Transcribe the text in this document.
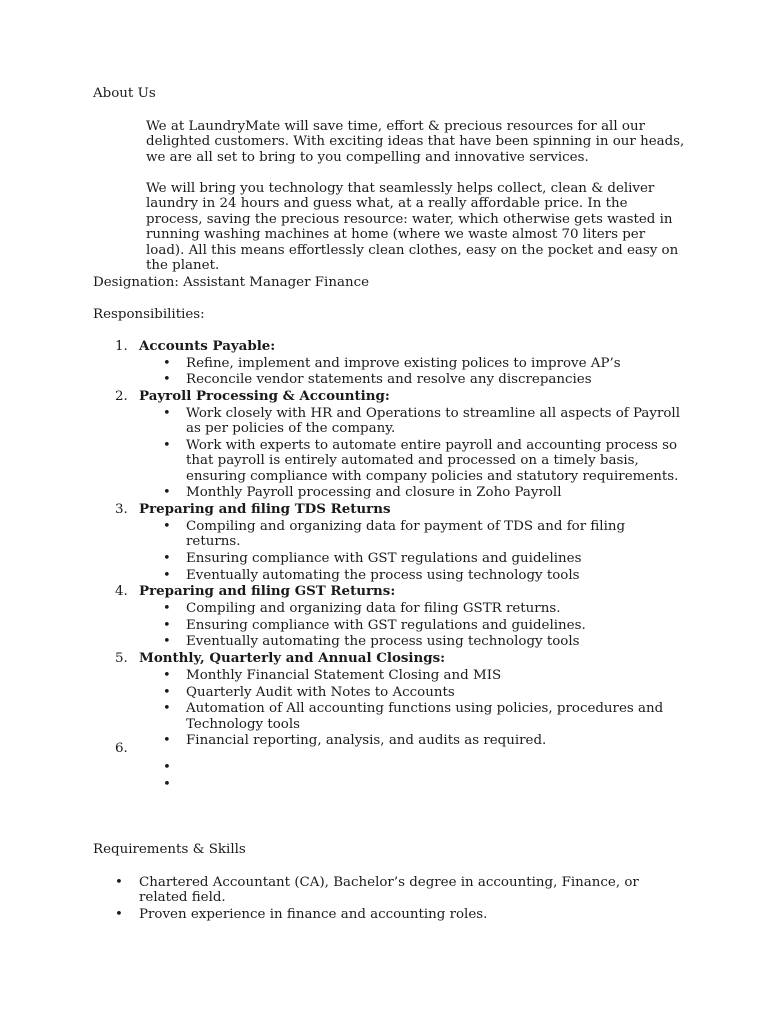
About Us

We at LaundryMate will save time, effort & precious resources for all our delighted customers. With exciting ideas that have been spinning in our heads, we are all set to bring to you compelling and innovative services.

We will bring you technology that seamlessly helps collect, clean & deliver laundry in 24 hours and guess what, at a really affordable price. In the process, saving the precious resource: water, which otherwise gets wasted in running washing machines at home (where we waste almost 70 liters per load). All this means effortlessly clean clothes, easy on the pocket and easy on the planet.

Designation: Assistant Manager Finance
Responsibilities:
1. Accounts Payable:
• Refine, implement and improve existing polices to improve AP’s
• Reconcile vendor statements and resolve any discrepancies
2. Payroll Processing & Accounting:
• Work closely with HR and Operations to streamline all aspects of Payroll as per policies of the company.
• Work with experts to automate entire payroll and accounting process so that payroll is entirely automated and processed on a timely basis, ensuring compliance with company policies and statutory requirements.
• Monthly Payroll processing and closure in Zoho Payroll
3. Preparing and filing TDS Returns
• Compiling and organizing data for payment of TDS and for filing returns.
• Ensuring compliance with GST regulations and guidelines
• Eventually automating the process using technology tools
4. Preparing and filing GST Returns:
• Compiling and organizing data for filing GSTR returns.
• Ensuring compliance with GST regulations and guidelines.
• Eventually automating the process using technology tools
5. Monthly, Quarterly and Annual Closings:
• Monthly Financial Statement Closing and MIS
• Quarterly Audit with Notes to Accounts
• Automation of All accounting functions using policies, procedures and Technology tools
• Financial reporting, analysis, and audits as required.
6.
•
•
Requirements & Skills
• Chartered Accountant (CA), Bachelor’s degree in accounting, Finance, or related field.
• Proven experience in finance and accounting roles.
